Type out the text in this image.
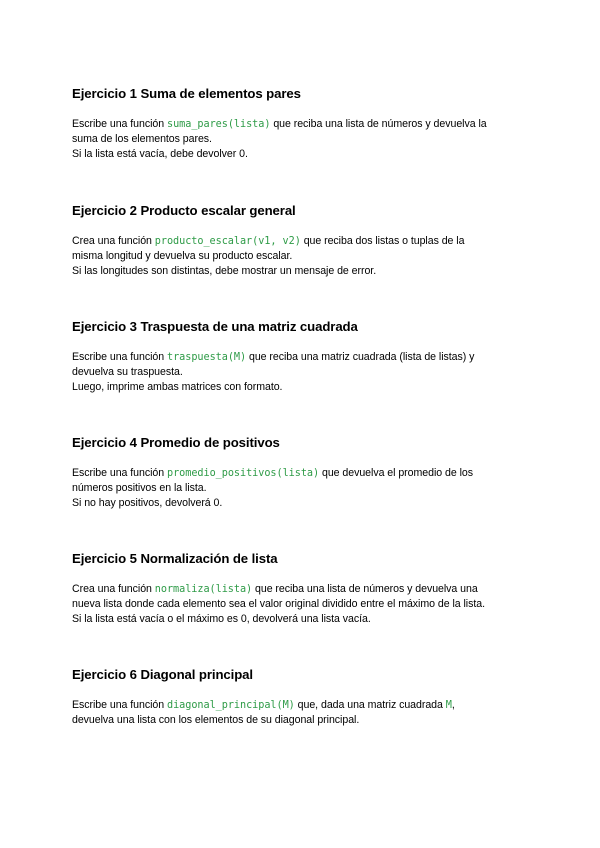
Ejercicio 1 Suma de elementos pares
Escribe una función suma_pares(lista) que reciba una lista de números y devuelva la
suma de los elementos pares.
Si la lista está vacía, debe devolver 0.
Ejercicio 2 Producto escalar general
Crea una función producto_escalar(v1, v2) que reciba dos listas o tuplas de la
misma longitud y devuelva su producto escalar.
Si las longitudes son distintas, debe mostrar un mensaje de error.
Ejercicio 3 Traspuesta de una matriz cuadrada
Escribe una función traspuesta(M) que reciba una matriz cuadrada (lista de listas) y
devuelva su traspuesta.
Luego, imprime ambas matrices con formato.
Ejercicio 4 Promedio de positivos
Escribe una función promedio_positivos(lista) que devuelva el promedio de los
números positivos en la lista.
Si no hay positivos, devolverá 0.
Ejercicio 5 Normalización de lista
Crea una función normaliza(lista) que reciba una lista de números y devuelva una
nueva lista donde cada elemento sea el valor original dividido entre el máximo de la lista.
Si la lista está vacía o el máximo es 0, devolverá una lista vacía.
Ejercicio 6 Diagonal principal
Escribe una función diagonal_principal(M) que, dada una matriz cuadrada M,
devuelva una lista con los elementos de su diagonal principal.
